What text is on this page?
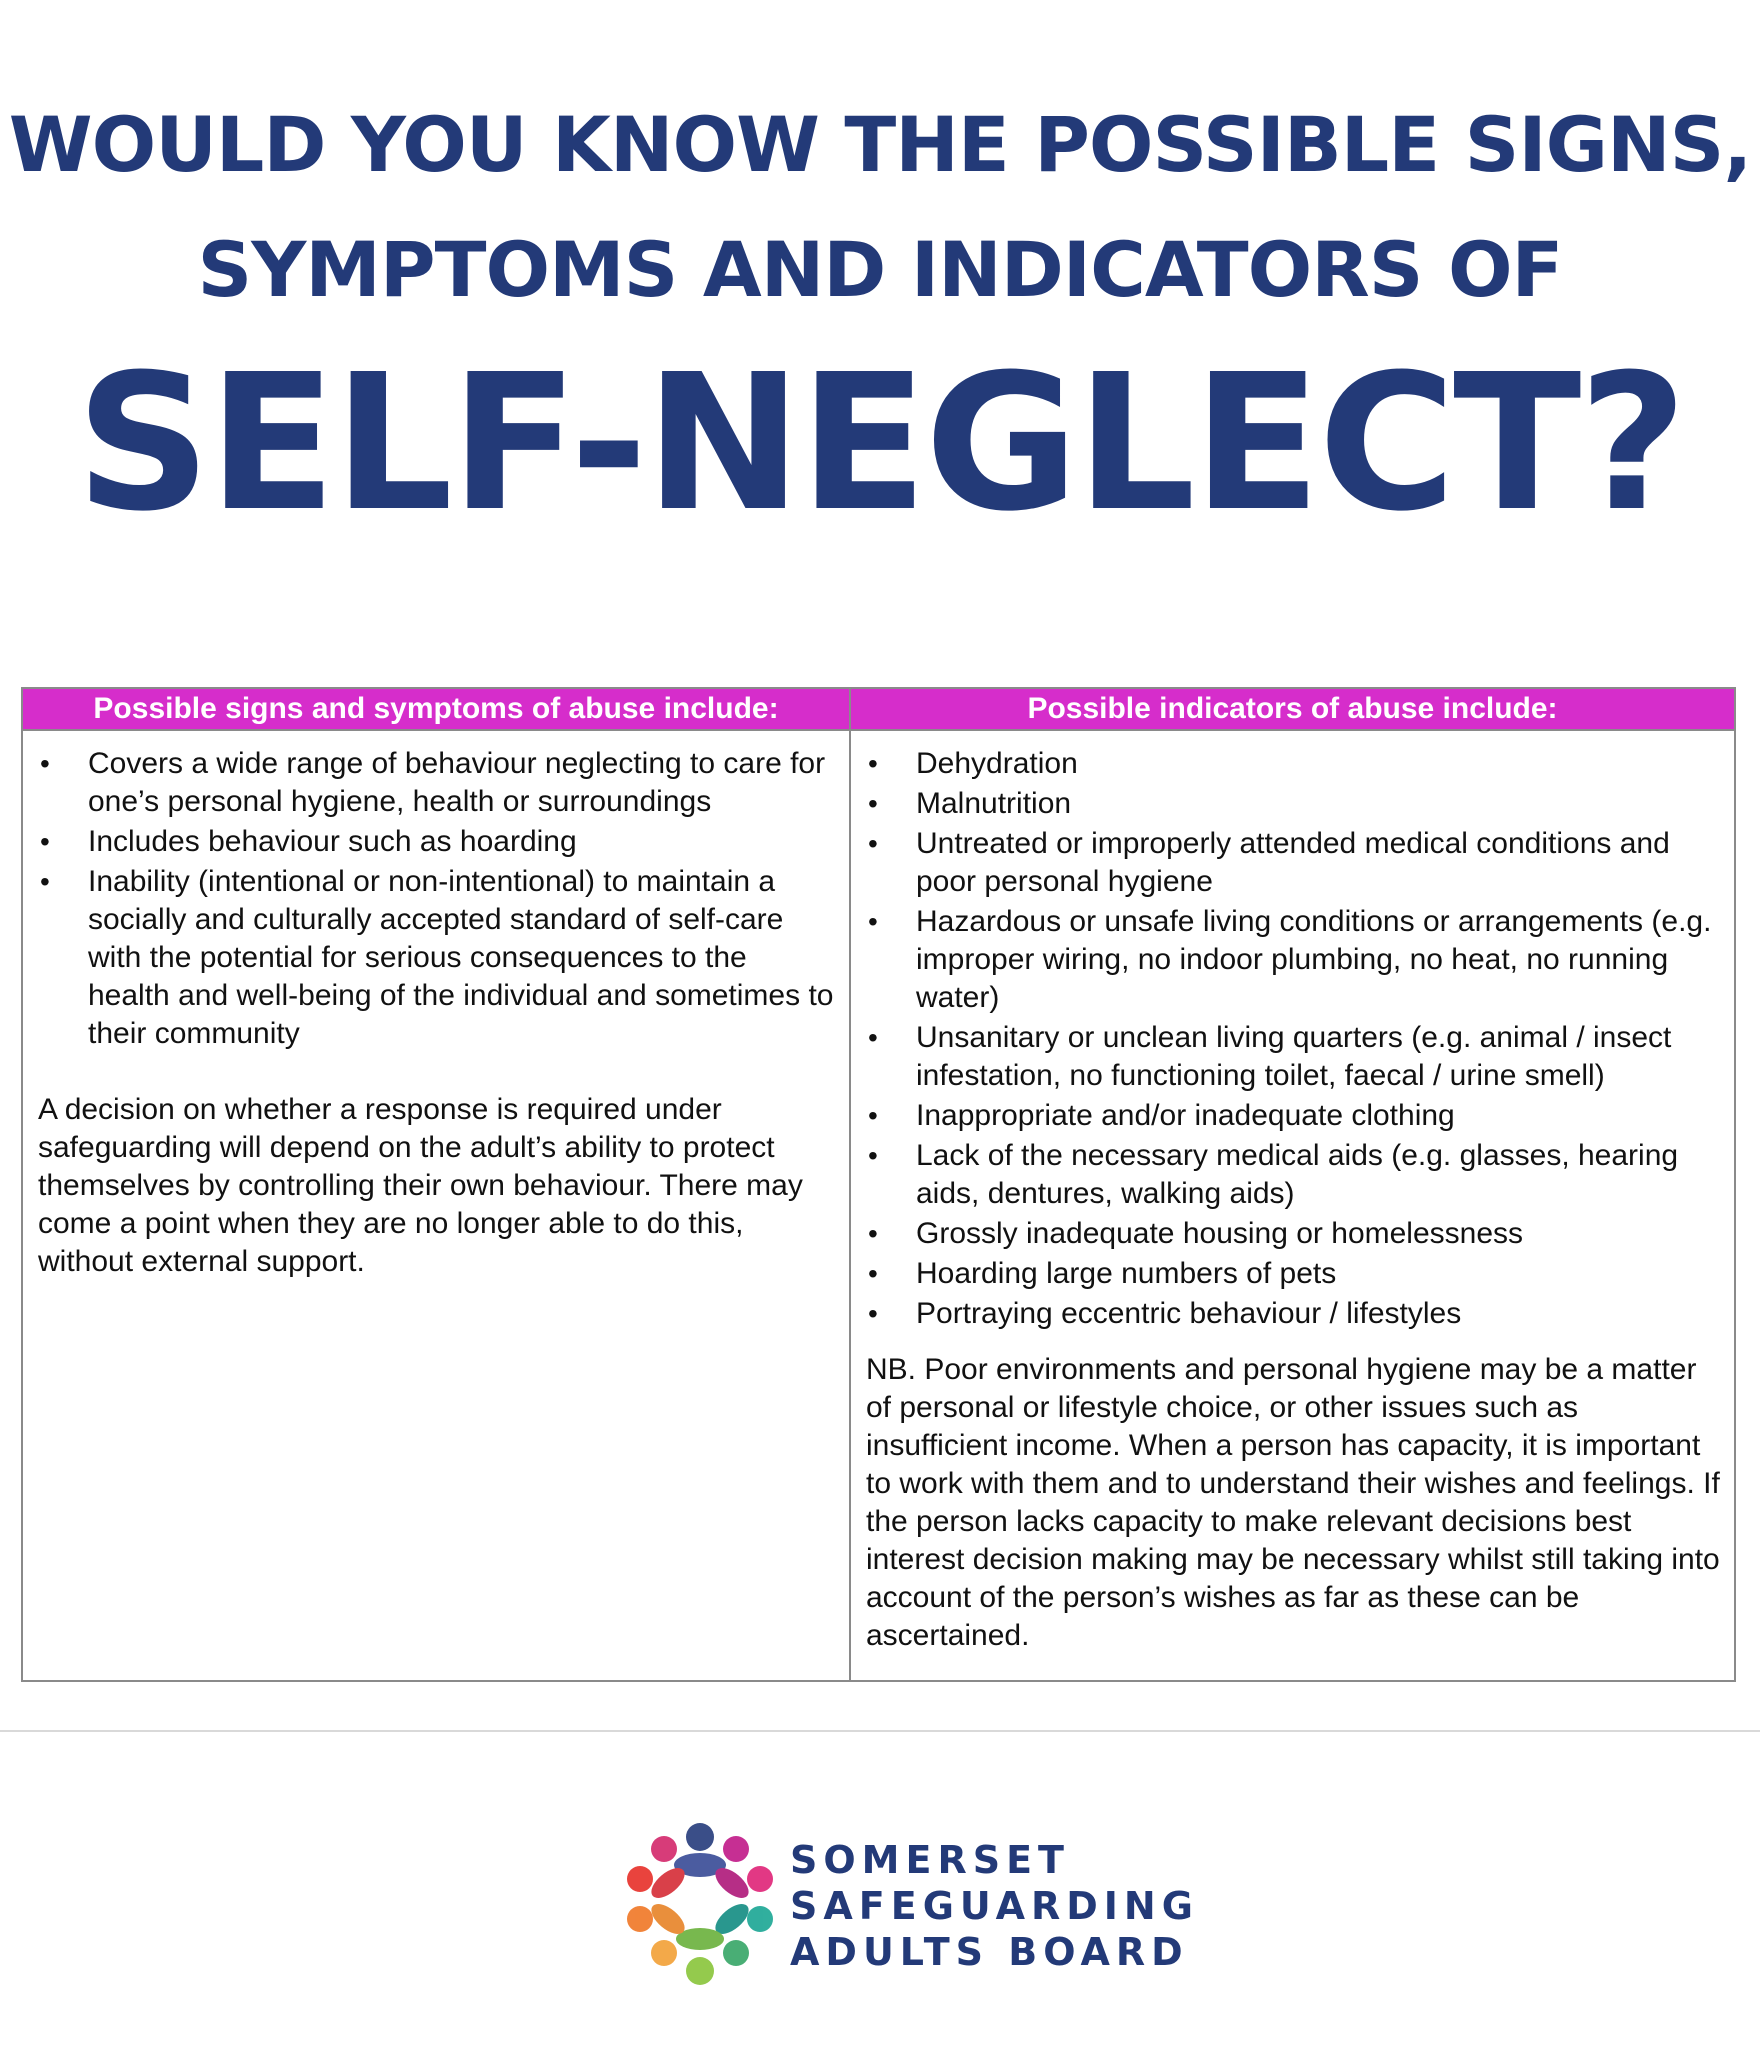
WOULD YOU KNOW THE POSSIBLE SIGNS,
SYMPTOMS AND INDICATORS OF
SELF-NEGLECT?
Possible signs and symptoms of abuse include:
• Covers a wide range of behaviour neglecting to care for one’s personal hygiene, health or surroundings
• Includes behaviour such as hoarding
• Inability (intentional or non-intentional) to maintain a socially and culturally accepted standard of self-care with the potential for serious consequences to the health and well-being of the individual and sometimes to their community
A decision on whether a response is required under safeguarding will depend on the adult’s ability to protect themselves by controlling their own behaviour. There may come a point when they are no longer able to do this, without external support.
Possible indicators of abuse include:
• Dehydration
• Malnutrition
• Untreated or improperly attended medical conditions and poor personal hygiene
• Hazardous or unsafe living conditions or arrangements (e.g. improper wiring, no indoor plumbing, no heat, no running water)
• Unsanitary or unclean living quarters (e.g. animal / insect infestation, no functioning toilet, faecal / urine smell)
• Inappropriate and/or inadequate clothing
• Lack of the necessary medical aids (e.g. glasses, hearing aids, dentures, walking aids)
• Grossly inadequate housing or homelessness
• Hoarding large numbers of pets
• Portraying eccentric behaviour / lifestyles
NB. Poor environments and personal hygiene may be a matter of personal or lifestyle choice, or other issues such as insufficient income. When a person has capacity, it is important to work with them and to understand their wishes and feelings. If the person lacks capacity to make relevant decisions best interest decision making may be necessary whilst still taking into account of the person’s wishes as far as these can be ascertained.
SOMERSET
SAFEGUARDING
ADULTS BOARD
